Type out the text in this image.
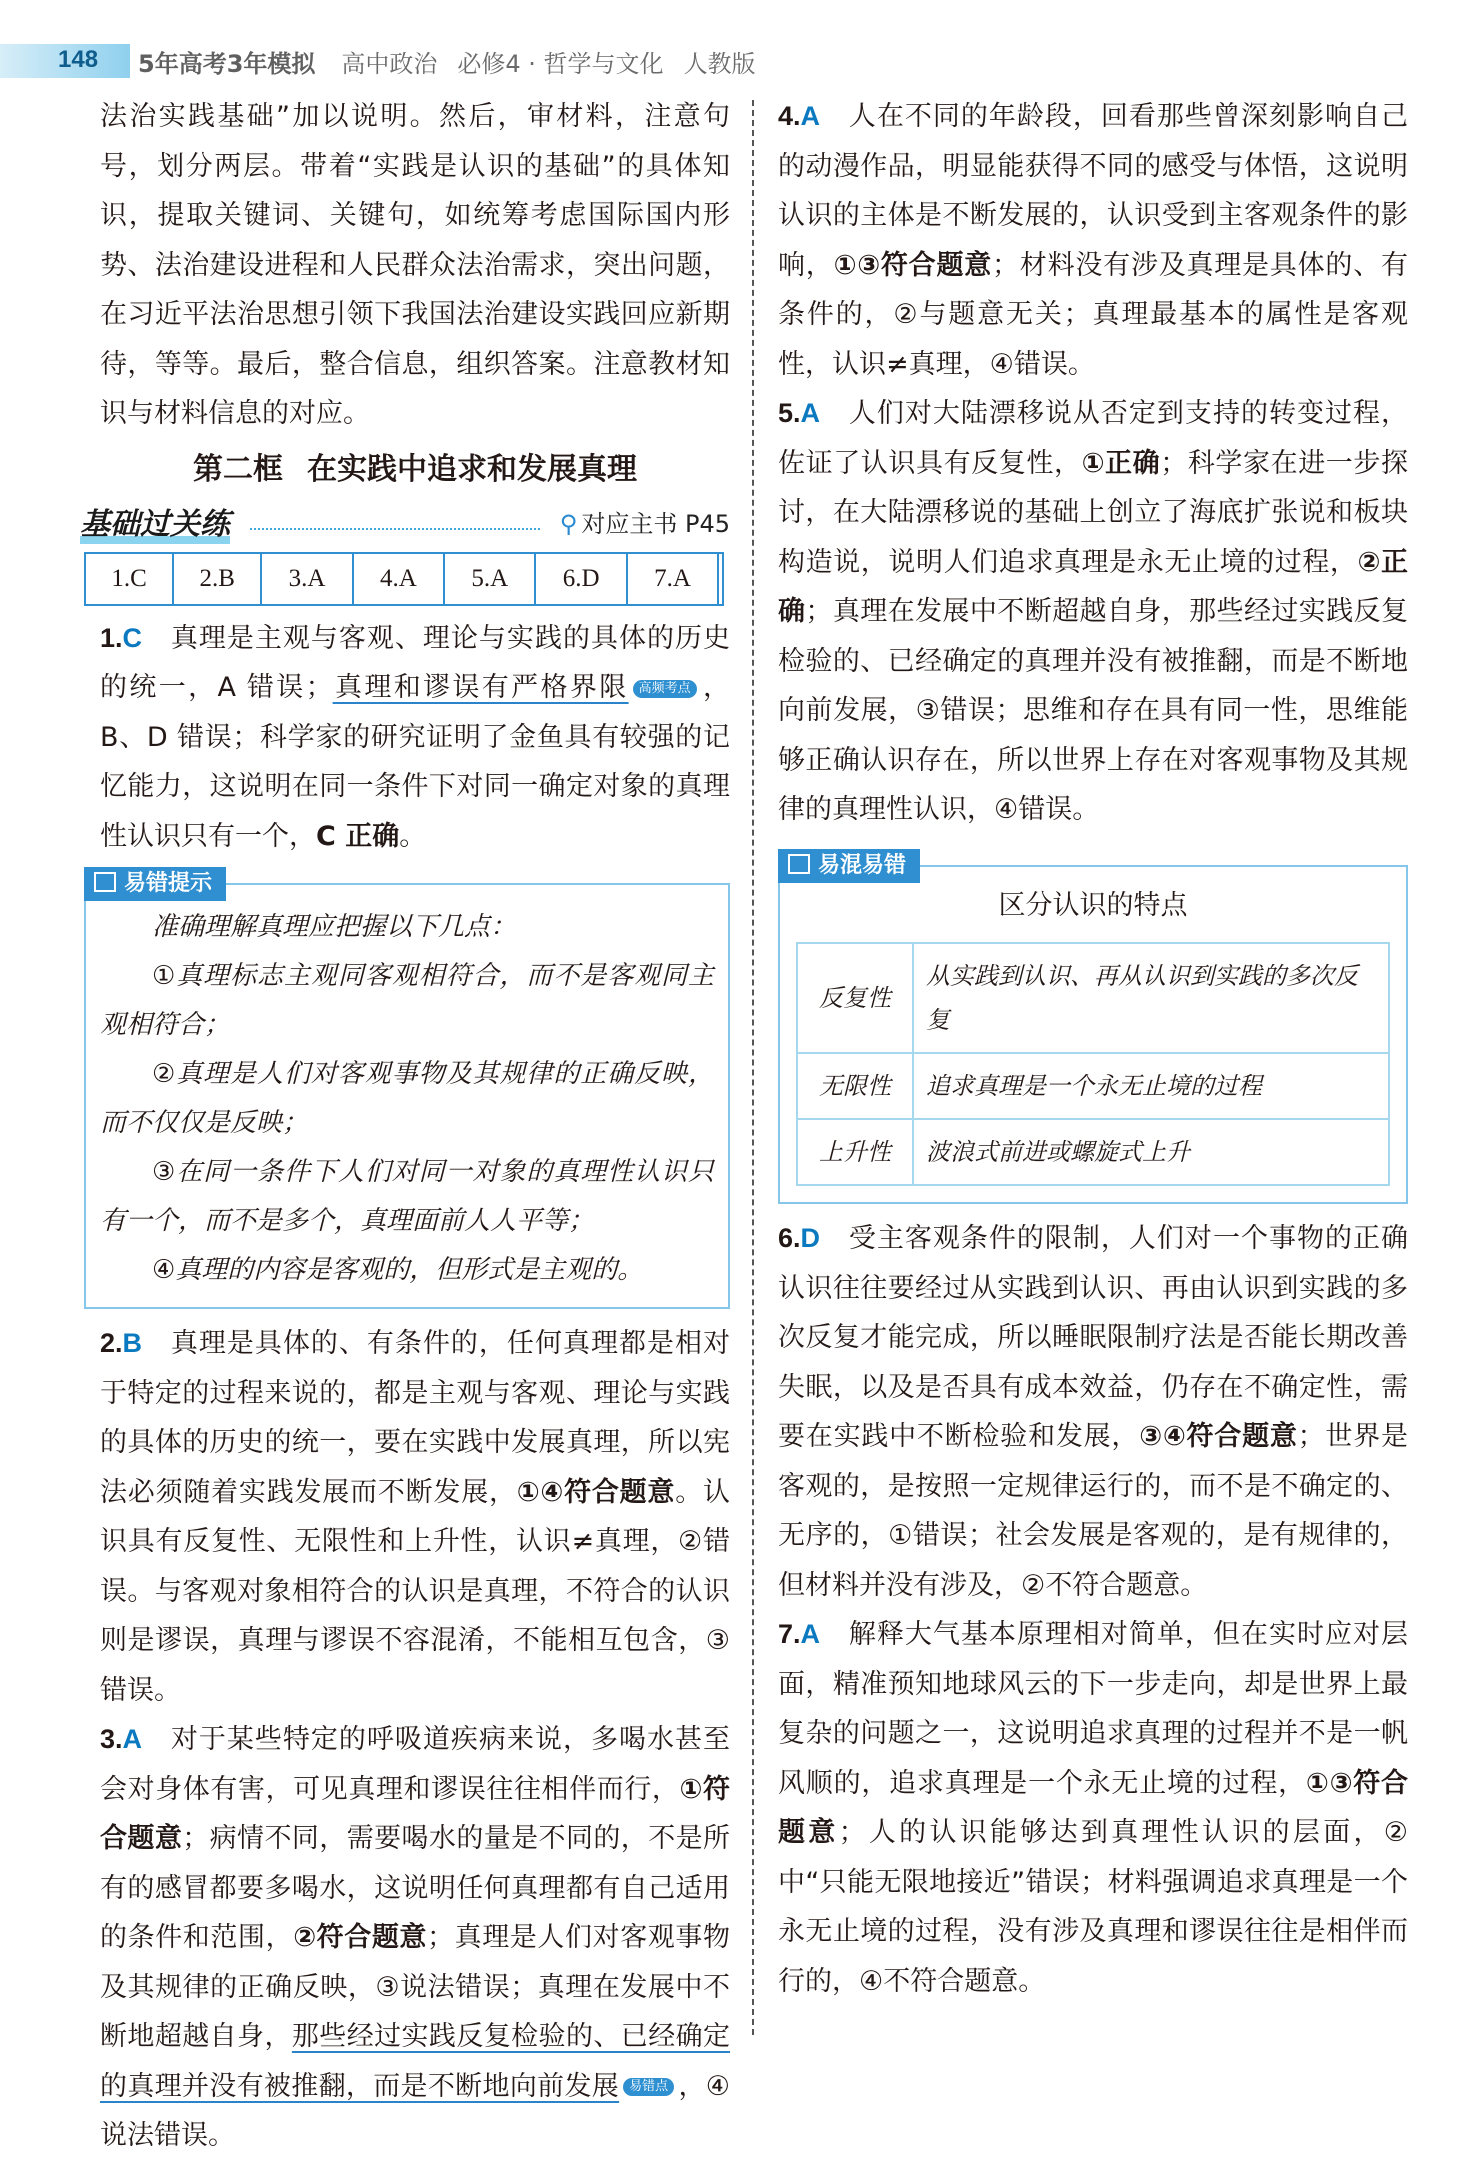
148 5年高考3年模拟 高中政治 必修4 · 哲学与文化 人教版

法治实践基础”加以说明。然后，审材料，注意句号，划分两层。带着“实践是认识的基础”的具体知识，提取关键词、关键句，如统筹考虑国际国内形势、法治建设进程和人民群众法治需求，突出问题，在习近平法治思想引领下我国法治建设实践回应新期待，等等。最后，整合信息，组织答案。注意教材知识与材料信息的对应。

第二框 在实践中追求和发展真理
基础过关练	⚲ 对应主书 P45
1.C	2.B	3.A	4.A	5.A	6.D	7.A	

1.C 真理是主观与客观、理论与实践的具体的历史的统一，A 错误；真理和谬误有严格界限 高频考点 ，B、D 错误；科学家的研究证明了金鱼具有较强的记忆能力，这说明在同一条件下对同一确定对象的真理性认识只有一个，C 正确。

易错提示

准确理解真理应把握以下几点：

①真理标志主观同客观相符合，而不是客观同主观相符合；

②真理是人们对客观事物及其规律的正确反映，而不仅仅是反映；

③在同一条件下人们对同一对象的真理性认识只有一个，而不是多个，真理面前人人平等；

④真理的内容是客观的，但形式是主观的。

2.B 真理是具体的、有条件的，任何真理都是相对于特定的过程来说的，都是主观与客观、理论与实践的具体的历史的统一，要在实践中发展真理，所以宪法必须随着实践发展而不断发展，①④符合题意。认识具有反复性、无限性和上升性，认识≠真理，②错误。与客观对象相符合的认识是真理，不符合的认识则是谬误，真理与谬误不容混淆，不能相互包含，③错误。

3.A 对于某些特定的呼吸道疾病来说，多喝水甚至会对身体有害，可见真理和谬误往往相伴而行，①符合题意；病情不同，需要喝水的量是不同的，不是所有的感冒都要多喝水，这说明任何真理都有自己适用的条件和范围，②符合题意；真理是人们对客观事物及其规律的正确反映，③说法错误；真理在发展中不断地超越自身，那些经过实践反复检验的、已经确定的真理并没有被推翻，而是不断地向前发展 易错点 ，④说法错误。

4.A 人在不同的年龄段，回看那些曾深刻影响自己的动漫作品，明显能获得不同的感受与体悟，这说明认识的主体是不断发展的，认识受到主客观条件的影响，①③符合题意；材料没有涉及真理是具体的、有条件的，②与题意无关；真理最基本的属性是客观性，认识≠真理，④错误。

5.A 人们对大陆漂移说从否定到支持的转变过程，佐证了认识具有反复性，①正确；科学家在进一步探讨，在大陆漂移说的基础上创立了海底扩张说和板块构造说，说明人们追求真理是永无止境的过程，②正确；真理在发展中不断超越自身，那些经过实践反复检验的、已经确定的真理并没有被推翻，而是不断地向前发展，③错误；思维和存在具有同一性，思维能够正确认识存在，所以世界上存在对客观事物及其规律的真理性认识，④错误。

易混易错
区分认识的特点
反复性	从实践到认识、再从认识到实践的多次反复
无限性	追求真理是一个永无止境的过程
上升性	波浪式前进或螺旋式上升

6.D 受主客观条件的限制，人们对一个事物的正确认识往往要经过从实践到认识、再由认识到实践的多次反复才能完成，所以睡眠限制疗法是否能长期改善失眠，以及是否具有成本效益，仍存在不确定性，需要在实践中不断检验和发展，③④符合题意；世界是客观的，是按照一定规律运行的，而不是不确定的、无序的，①错误；社会发展是客观的，是有规律的，但材料并没有涉及，②不符合题意。

7.A 解释大气基本原理相对简单，但在实时应对层面，精准预知地球风云的下一步走向，却是世界上最复杂的问题之一，这说明追求真理的过程并不是一帆风顺的，追求真理是一个永无止境的过程，①③符合题意；人的认识能够达到真理性认识的层面，②中“只能无限地接近”错误；材料强调追求真理是一个永无止境的过程，没有涉及真理和谬误往往是相伴而行的，④不符合题意。
